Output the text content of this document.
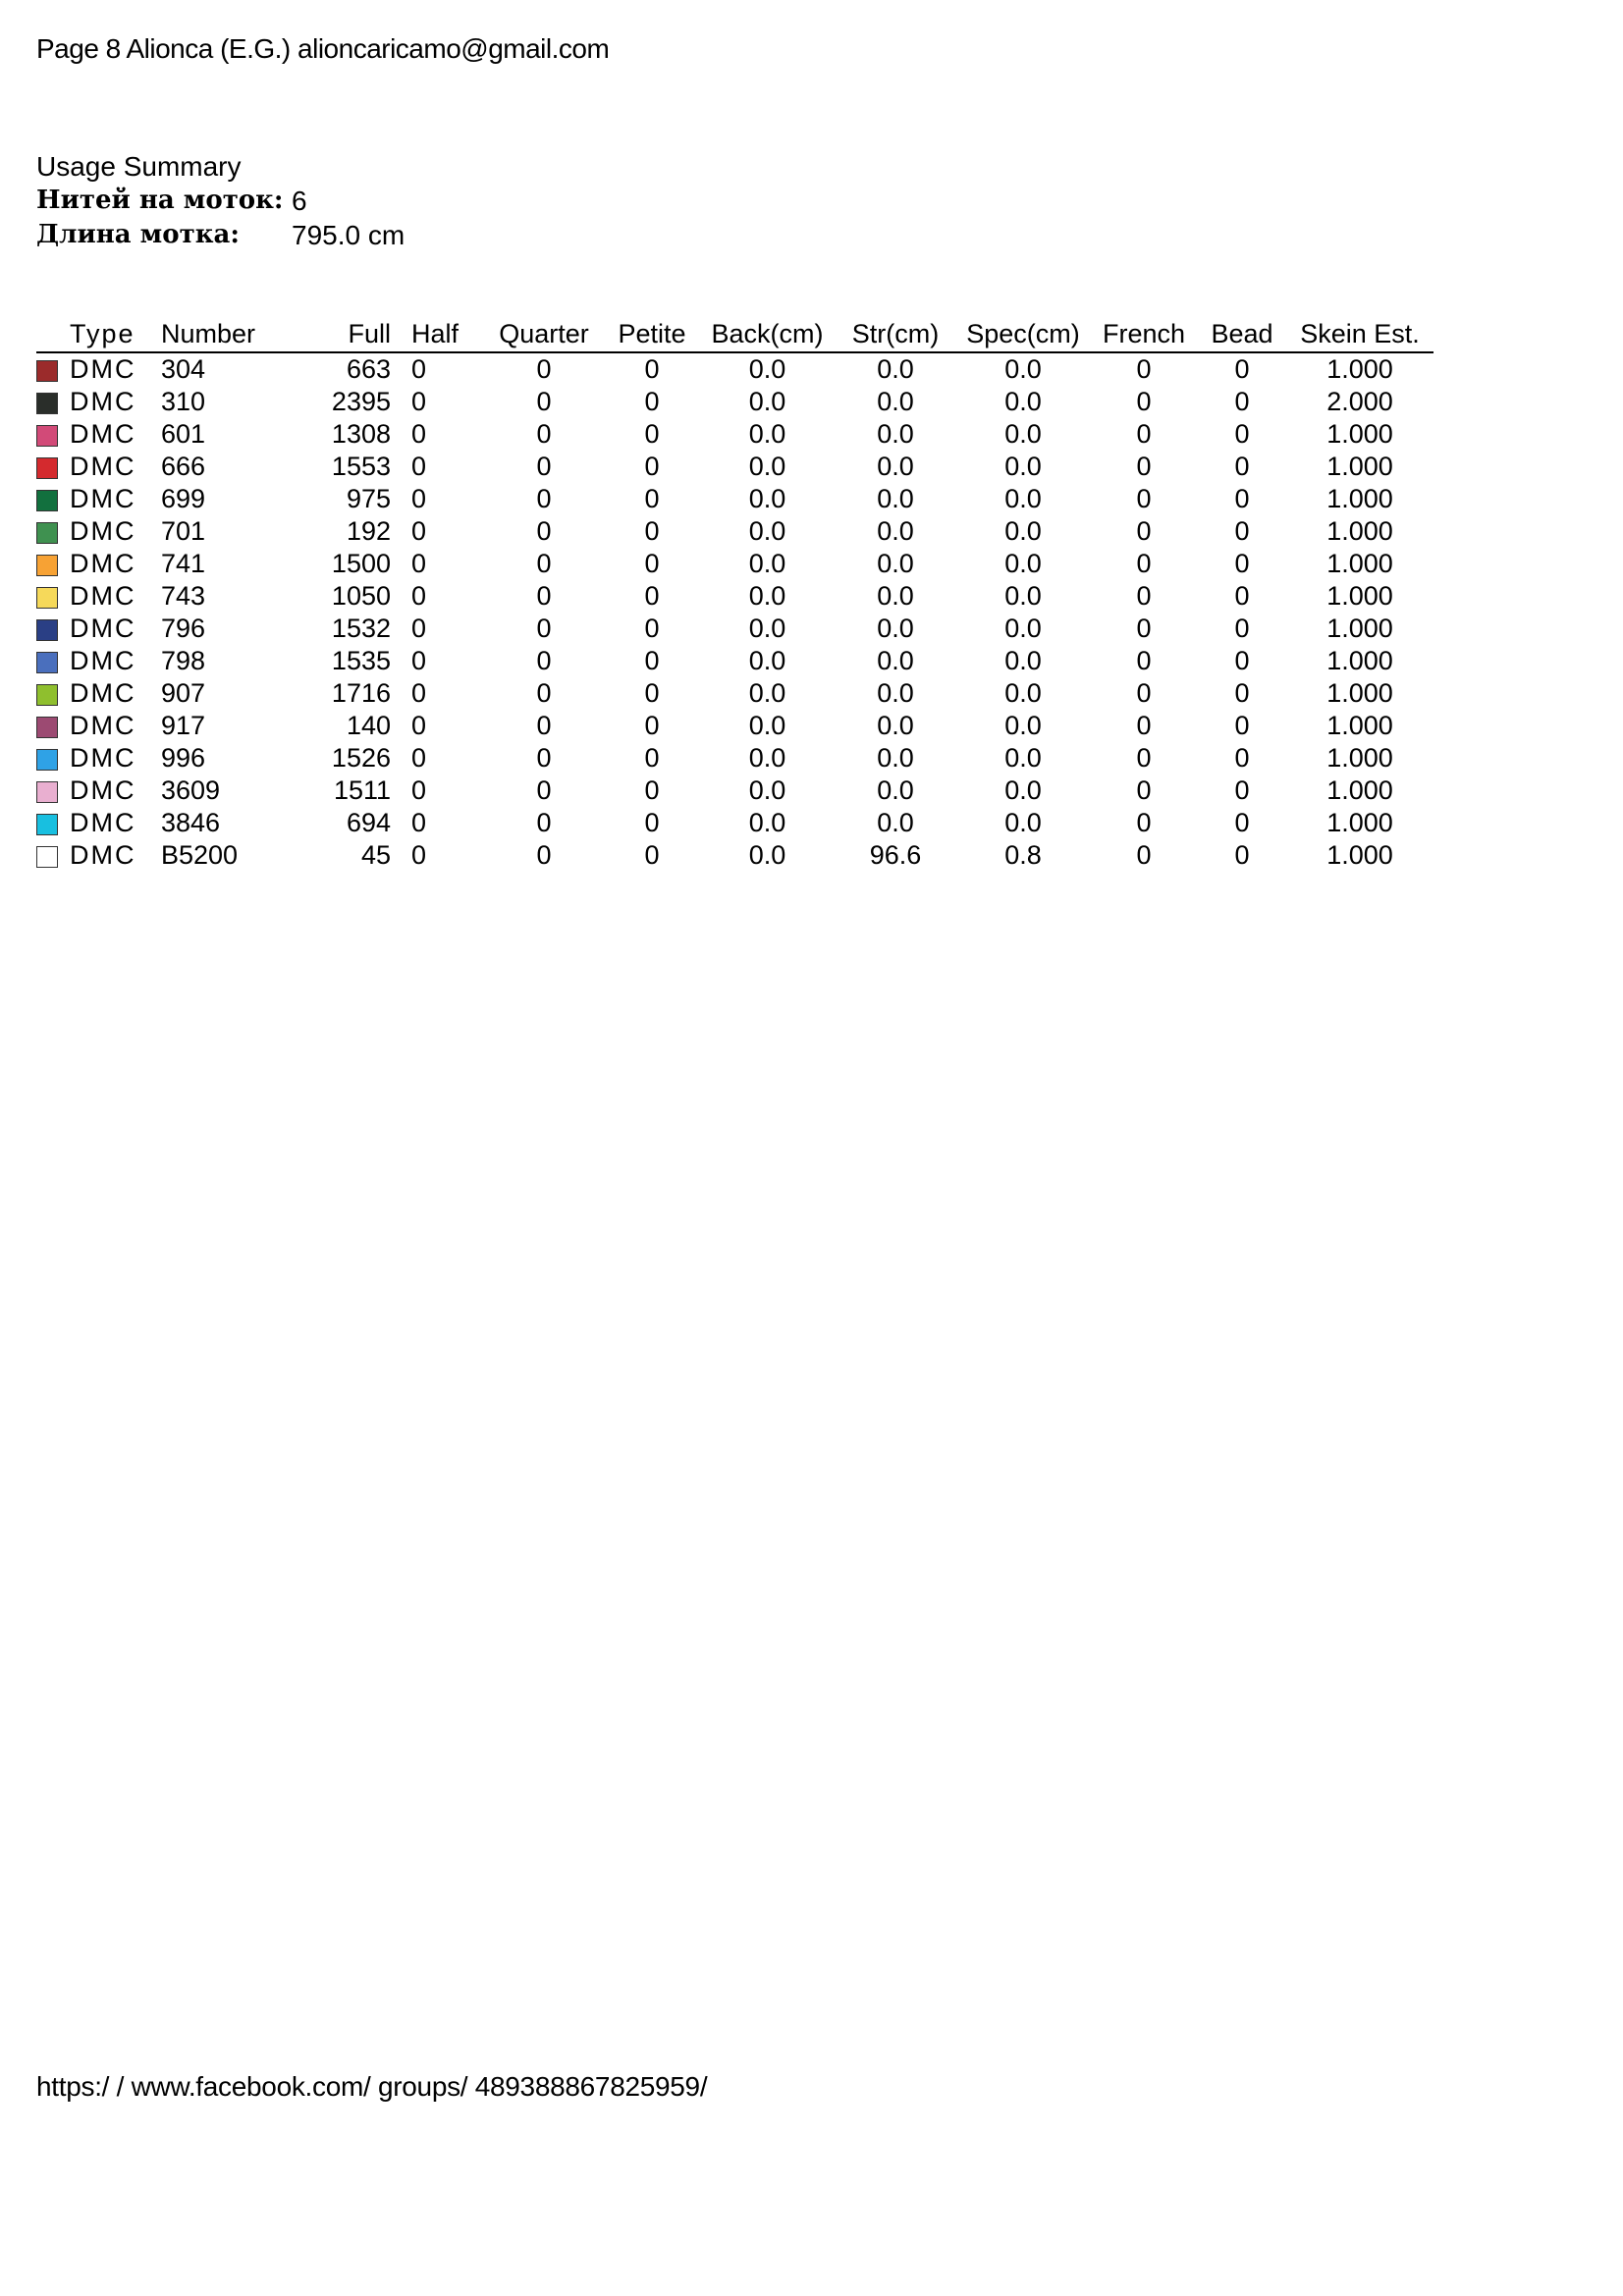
Page 8 Alionca (E.G.) alioncaricamo@gmail.com
Usage Summary
Нитей на моток: 6
Длина мотка:	795.0 cm
	Type	Number	Full	Half	Quarter	Petite	Back(cm)	Str(cm)	Spec(cm)	French	Bead	Skein Est.
	DMC	304	663	0	0	0	0.0	0.0	0.0	0	0	1.000
	DMC	310	2395	0	0	0	0.0	0.0	0.0	0	0	2.000
	DMC	601	1308	0	0	0	0.0	0.0	0.0	0	0	1.000
	DMC	666	1553	0	0	0	0.0	0.0	0.0	0	0	1.000
	DMC	699	975	0	0	0	0.0	0.0	0.0	0	0	1.000
	DMC	701	192	0	0	0	0.0	0.0	0.0	0	0	1.000
	DMC	741	1500	0	0	0	0.0	0.0	0.0	0	0	1.000
	DMC	743	1050	0	0	0	0.0	0.0	0.0	0	0	1.000
	DMC	796	1532	0	0	0	0.0	0.0	0.0	0	0	1.000
	DMC	798	1535	0	0	0	0.0	0.0	0.0	0	0	1.000
	DMC	907	1716	0	0	0	0.0	0.0	0.0	0	0	1.000
	DMC	917	140	0	0	0	0.0	0.0	0.0	0	0	1.000
	DMC	996	1526	0	0	0	0.0	0.0	0.0	0	0	1.000
	DMC	3609	1511	0	0	0	0.0	0.0	0.0	0	0	1.000
	DMC	3846	694	0	0	0	0.0	0.0	0.0	0	0	1.000
	DMC	B5200	45	0	0	0	0.0	96.6	0.8	0	0	1.000
https:/ / www.facebook.com/ groups/ 489388867825959/
